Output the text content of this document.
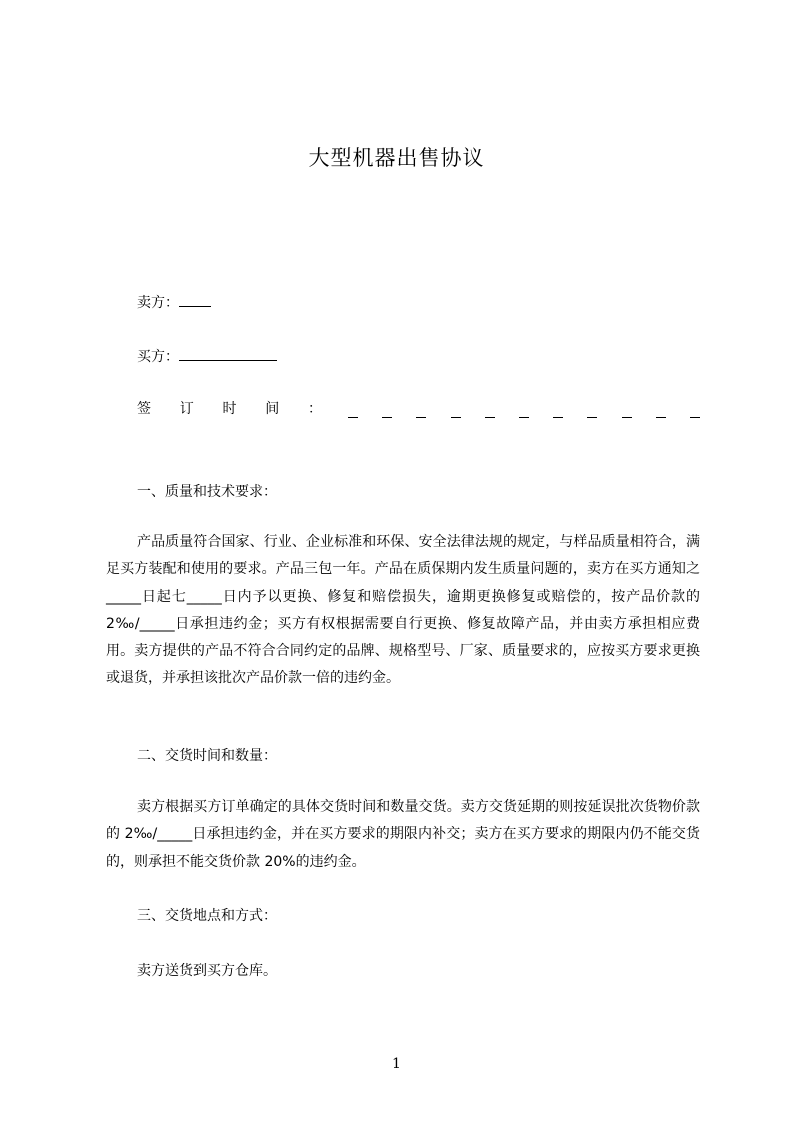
大型机器出售协议
卖方：
买方：
签 订 时 间 ：
一、质量和技术要求：
产品质量符合国家、行业、企业标准和环保、安全法律法规的规定，与样品质量相符合，满足买方装配和使用的要求。产品三包一年。产品在质保期内发生质量问题的，卖方在买方通知之_____日起七_____日内予以更换、修复和赔偿损失，逾期更换修复或赔偿的，按产品价款的 2‰/_____日承担违约金；买方有权根据需要自行更换、修复故障产品，并由卖方承担相应费用。卖方提供的产品不符合合同约定的品牌、规格型号、厂家、质量要求的，应按买方要求更换或退货，并承担该批次产品价款一倍的违约金。
二、交货时间和数量：
卖方根据买方订单确定的具体交货时间和数量交货。卖方交货延期的则按延误批次货物价款的 2‰/_____日承担违约金，并在买方要求的期限内补交；卖方在买方要求的期限内仍不能交货的，则承担不能交货价款 20%的违约金。
三、交货地点和方式：
卖方送货到买方仓库。
1
